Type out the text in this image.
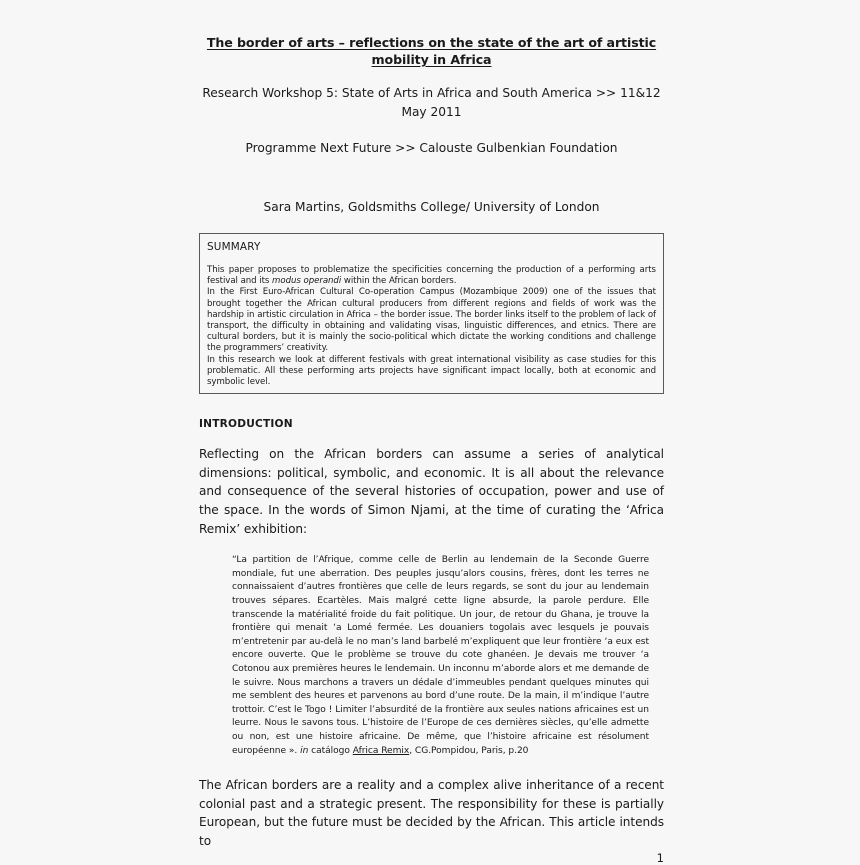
The border of arts – reflections on the state of the art of artistic mobility in Africa

Research Workshop 5: State of Arts in Africa and South America >> 11&12 May 2011

Programme Next Future >> Calouste Gulbenkian Foundation

Sara Martins, Goldsmiths College/ University of London

SUMMARY

This paper proposes to problematize the specificities concerning the production of a performing arts festival and its modus operandi within the African borders.

In the First Euro-African Cultural Co-operation Campus (Mozambique 2009) one of the issues that brought together the African cultural producers from different regions and fields of work was the hardship in artistic circulation in Africa – the border issue. The border links itself to the problem of lack of transport, the difficulty in obtaining and validating visas, linguistic differences, and etnics. There are cultural borders, but it is mainly the socio-political which dictate the working conditions and challenge the programmers’ creativity.

In this research we look at different festivals with great international visibility as case studies for this problematic. All these performing arts projects have significant impact locally, both at economic and symbolic level.

INTRODUCTION

Reflecting on the African borders can assume a series of analytical dimensions: political, symbolic, and economic. It is all about the relevance and consequence of the several histories of occupation, power and use of the space. In the words of Simon Njami, at the time of curating the ‘Africa Remix’ exhibition:

“La partition de l’Afrique, comme celle de Berlin au lendemain de la Seconde Guerre mondiale, fut une aberration. Des peuples jusqu’alors cousins, frères, dont les terres ne connaissaient d’autres frontières que celle de leurs regards, se sont du jour au lendemain trouves sépares. Ecartèles. Mais malgré cette ligne absurde, la parole perdure. Elle transcende la matérialité froide du fait politique. Un jour, de retour du Ghana, je trouve la frontière qui menait ‘a Lomé fermée. Les douaniers togolais avec lesquels je pouvais m’entretenir par au-delà le no man’s land barbelé m’expliquent que leur frontière ‘a eux est encore ouverte. Que le problème se trouve du cote ghanéen. Je devais me trouver ‘a Cotonou aux premières heures le lendemain. Un inconnu m’aborde alors et me demande de le suivre. Nous marchons a travers un dédale d’immeubles pendant quelques minutes qui me semblent des heures et parvenons au bord d’une route. De la main, il m’indique l’autre trottoir. C’est le Togo ! Limiter l’absurdité de la frontière aux seules nations africaines est un leurre. Nous le savons tous. L’histoire de l’Europe de ces dernières siècles, qu’elle admette ou non, est une histoire africaine. De même, que l’histoire africaine est résolument européenne ». in catálogo Africa Remix, CG.Pompidou, Paris, p.20

The African borders are a reality and a complex alive inheritance of a recent colonial past and a strategic present. The responsibility for these is partially European, but the future must be decided by the African. This article intends to

1
